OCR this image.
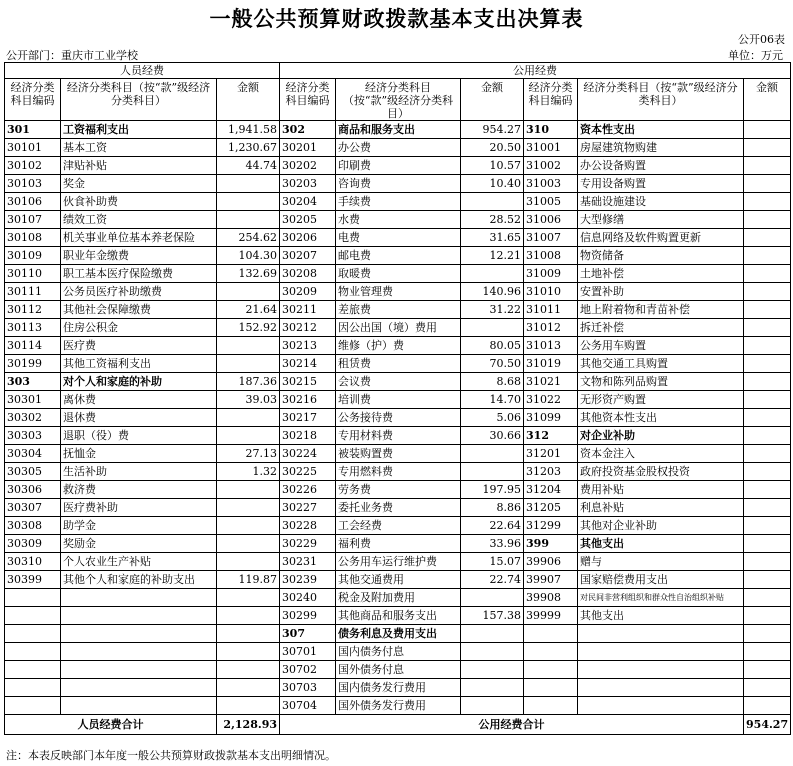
一般公共预算财政拨款基本支出决算表
公开06表
公开部门：重庆市工业学校	单位：万元
人员经费			公用经费					
经济分类科目编码	经济分类科目（按“款”级经济分类科目）	金额	经济分类科目编码	经济分类科目（按“款”级经济分类科目）	金额	经济分类科目编码	经济分类科目（按“款”级经济分类科目）	金额
301	工资福利支出	1,941.58	302	商品和服务支出	954.27	310	资本性支出	
30101	基本工资	1,230.67	30201	办公费	20.50	31001	房屋建筑物购建	
30102	津贴补贴	44.74	30202	印刷费	10.57	31002	办公设备购置	
30103	奖金		30203	咨询费	10.40	31003	专用设备购置	
30106	伙食补助费		30204	手续费		31005	基础设施建设	
30107	绩效工资		30205	水费	28.52	31006	大型修缮	
30108	机关事业单位基本养老保险	254.62	30206	电费	31.65	31007	信息网络及软件购置更新	
30109	职业年金缴费	104.30	30207	邮电费	12.21	31008	物资储备	
30110	职工基本医疗保险缴费	132.69	30208	取暖费		31009	土地补偿	
30111	公务员医疗补助缴费		30209	物业管理费	140.96	31010	安置补助	
30112	其他社会保障缴费	21.64	30211	差旅费	31.22	31011	地上附着物和青苗补偿	
30113	住房公积金	152.92	30212	因公出国（境）费用		31012	拆迁补偿	
30114	医疗费		30213	维修（护）费	80.05	31013	公务用车购置	
30199	其他工资福利支出		30214	租赁费	70.50	31019	其他交通工具购置	
303	对个人和家庭的补助	187.36	30215	会议费	8.68	31021	文物和陈列品购置	
30301	离休费	39.03	30216	培训费	14.70	31022	无形资产购置	
30302	退休费		30217	公务接待费	5.06	31099	其他资本性支出	
30303	退职（役）费		30218	专用材料费	30.66	312	对企业补助	
30304	抚恤金	27.13	30224	被装购置费		31201	资本金注入	
30305	生活补助	1.32	30225	专用燃料费		31203	政府投资基金股权投资	
30306	救济费		30226	劳务费	197.95	31204	费用补贴	
30307	医疗费补助		30227	委托业务费	8.86	31205	利息补贴	
30308	助学金		30228	工会经费	22.64	31299	其他对企业补助	
30309	奖励金		30229	福利费	33.96	399	其他支出	
30310	个人农业生产补贴		30231	公务用车运行维护费	15.07	39906	赠与	
30399	其他个人和家庭的补助支出	119.87	30239	其他交通费用	22.74	39907	国家赔偿费用支出	
			30240	税金及附加费用		39908	对民间非营利组织和群众性自治组织补贴	
			30299	其他商品和服务支出	157.38	39999	其他支出	
			307	债务利息及费用支出				
			30701	国内债务付息				
			30702	国外债务付息				
			30703	国内债务发行费用				
			30704	国外债务发行费用				
人员经费合计		2,128.93	公用经费合计					954.27
注：本表反映部门本年度一般公共预算财政拨款基本支出明细情况。
